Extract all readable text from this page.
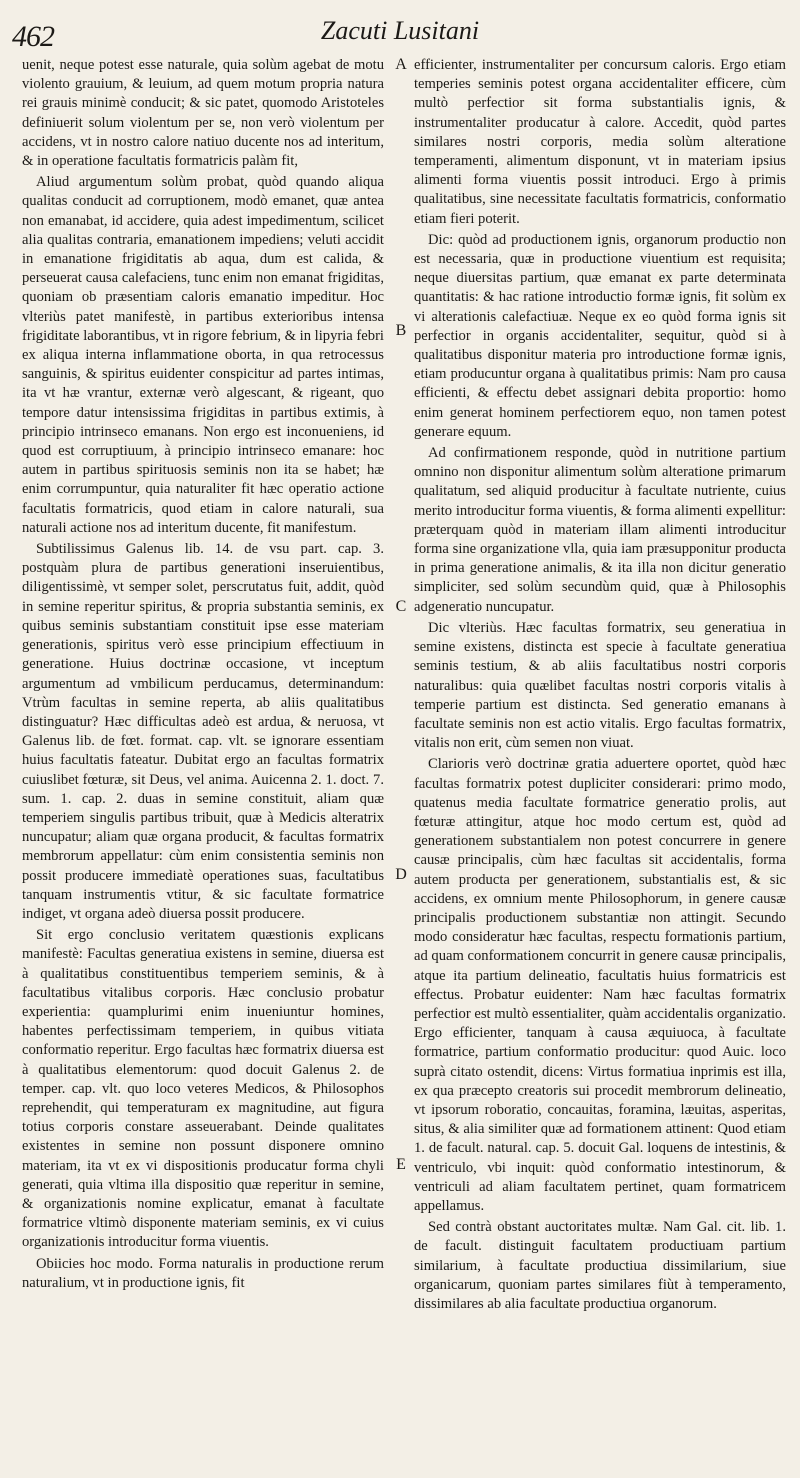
462	Zacuti Lusitani

uenit, neque potest esse naturale, quia solùm agebat de motu violento grauium, & leuium, ad quem motum propria natura rei grauis minimè conducit; & sic patet, quomodo Aristoteles definiuerit solum violentum per se, non verò violentum per accidens, vt in nostro calore natiuo ducente nos ad interitum, & in operatione facultatis formatricis palàm fit,

Aliud argumentum solùm probat, quòd quando aliqua qualitas conducit ad corruptionem, modò emanet, quæ antea non emanabat, id accidere, quia adest impedimentum, scilicet alia qualitas contraria, emanationem impediens; veluti accidit in emanatione frigiditatis ab aqua, dum est calida, & perseuerat causa calefaciens, tunc enim non emanat frigiditas, quoniam ob præsentiam caloris emanatio impeditur. Hoc vlteriùs patet manifestè, in partibus exterioribus intensa frigiditate laborantibus, vt in rigore febrium, & in lipyria febri ex aliqua interna inflammatione oborta, in qua retrocessus sanguinis, & spiritus euidenter conspicitur ad partes intimas, ita vt hæ vrantur, externæ verò algescant, & rigeant, quo tempore datur intensissima frigiditas in partibus extimis, à principio intrinseco emanans. Non ergo est inconueniens, id quod est corruptiuum, à principio intrinseco emanare: hoc autem in partibus spirituosis seminis non ita se habet; hæ enim corrumpuntur, quia naturaliter fit hæc operatio actione facultatis formatricis, quod etiam in calore naturali, sua naturali actione nos ad interitum ducente, fit manifestum.

Subtilissimus Galenus lib. 14. de vsu part. cap. 3. postquàm plura de partibus generationi inseruientibus, diligentissimè, vt semper solet, perscrutatus fuit, addit, quòd in semine reperitur spiritus, & propria substantia seminis, ex quibus seminis substantiam constituit ipse esse materiam generationis, spiritus verò esse principium effectiuum in generatione. Huius doctrinæ occasione, vt inceptum argumentum ad vmbilicum perducamus, determinandum: Vtrùm facultas in semine reperta, ab aliis qualitatibus distinguatur? Hæc difficultas adeò est ardua, & neruosa, vt Galenus lib. de fœt. format. cap. vlt. se ignorare essentiam huius facultatis fateatur. Dubitat ergo an facultas formatrix cuiuslibet fœturæ, sit Deus, vel anima. Auicenna 2. 1. doct. 7. sum. 1. cap. 2. duas in semine constituit, aliam quæ temperiem singulis partibus tribuit, quæ à Medicis alteratrix nuncupatur; aliam quæ organa producit, & facultas formatrix membrorum appellatur: cùm enim consistentia seminis non possit producere immediatè operationes suas, facultatibus tanquam instrumentis vtitur, & sic facultate formatrice indiget, vt organa adeò diuersa possit producere.

Sit ergo conclusio veritatem quæstionis explicans manifestè: Facultas generatiua existens in semine, diuersa est à qualitatibus constituentibus temperiem seminis, & à facultatibus vitalibus corporis. Hæc conclusio probatur experientia: quamplurimi enim inueniuntur homines, habentes perfectissimam temperiem, in quibus vitiata conformatio reperitur. Ergo facultas hæc formatrix diuersa est à qualitatibus elementorum: quod docuit Galenus 2. de temper. cap. vlt. quo loco veteres Medicos, & Philosophos reprehendit, qui temperaturam ex magnitudine, aut figura totius corporis constare asseuerabant. Deinde qualitates existentes in semine non possunt disponere omnino materiam, ita vt ex vi dispositionis producatur forma chyli generati, quia vltima illa dispositio quæ reperitur in semine, & organizationis nomine explicatur, emanat à facultate formatrice vltimò disponente materiam seminis, ex vi cuius organizationis introducitur forma viuentis.

Obiicies hoc modo. Forma naturalis in productione rerum naturalium, vt in productione ignis, fit

A
B
C
D
E

efficienter, instrumentaliter per concursum caloris. Ergo etiam temperies seminis potest organa accidentaliter efficere, cùm multò perfectior sit forma substantialis ignis, & instrumentaliter producatur à calore. Accedit, quòd partes similares nostri corporis, media solùm alteratione temperamenti, alimentum disponunt, vt in materiam ipsius alimenti forma viuentis possit introduci. Ergo à primis qualitatibus, sine necessitate facultatis formatricis, conformatio etiam fieri poterit.

Dic: quòd ad productionem ignis, organorum productio non est necessaria, quæ in productione viuentium est requisita; neque diuersitas partium, quæ emanat ex parte determinata quantitatis: & hac ratione introductio formæ ignis, fit solùm ex vi alterationis calefactiuæ. Neque ex eo quòd forma ignis sit perfectior in organis accidentaliter, sequitur, quòd si à qualitatibus disponitur materia pro introductione formæ ignis, etiam producuntur organa à qualitatibus primis: Nam pro causa efficienti, & effectu debet assignari debita proportio: homo enim generat hominem perfectiorem equo, non tamen potest generare equum.

Ad confirmationem responde, quòd in nutritione partium omnino non disponitur alimentum solùm alteratione primarum qualitatum, sed aliquid producitur à facultate nutriente, cuius merito introducitur forma viuentis, & forma alimenti expellitur: præterquam quòd in materiam illam alimenti introducitur forma sine organizatione vlla, quia iam præsupponitur producta in prima generatione animalis, & ita illa non dicitur generatio simpliciter, sed solùm secundùm quid, quæ à Philosophis adgeneratio nuncupatur.

Dic vlteriùs. Hæc facultas formatrix, seu generatiua in semine existens, distincta est specie à facultate generatiua seminis testium, & ab aliis facultatibus nostri corporis naturalibus: quia quælibet facultas nostri corporis vitalis à temperie partium est distincta. Sed generatio emanans à facultate seminis non est actio vitalis. Ergo facultas formatrix, vitalis non erit, cùm semen non viuat.

Clarioris verò doctrinæ gratia aduertere oportet, quòd hæc facultas formatrix potest dupliciter considerari: primo modo, quatenus media facultate formatrice generatio prolis, aut fœturæ attingitur, atque hoc modo certum est, quòd ad generationem substantialem non potest concurrere in genere causæ principalis, cùm hæc facultas sit accidentalis, forma autem producta per generationem, substantialis est, & sic accidens, ex omnium mente Philosophorum, in genere causæ principalis productionem substantiæ non attingit. Secundo modo consideratur hæc facultas, respectu formationis partium, ad quam conformationem concurrit in genere causæ principalis, atque ita partium delineatio, facultatis huius formatricis est effectus. Probatur euidenter: Nam hæc facultas formatrix perfectior est multò essentialiter, quàm accidentalis organizatio. Ergo efficienter, tanquam à causa æquiuoca, à facultate formatrice, partium conformatio producitur: quod Auic. loco suprà citato ostendit, dicens: Virtus formatiua inprimis est illa, ex qua præcepto creatoris sui procedit membrorum delineatio, vt ipsorum roboratio, concauitas, foramina, læuitas, asperitas, situs, & alia similiter quæ ad formationem attinent: Quod etiam 1. de facult. natural. cap. 5. docuit Gal. loquens de intestinis, & ventriculo, vbi inquit: quòd conformatio intestinorum, & ventriculi ad aliam facultatem pertinet, quam formatricem appellamus.

Sed contrà obstant auctoritates multæ. Nam Gal. cit. lib. 1. de facult. distinguit facultatem productiuam partium similarium, à facultate productiua dissimilarium, siue organicarum, quoniam partes similares fiùt à temperamento, dissimilares ab alia facultate productiua organorum.
